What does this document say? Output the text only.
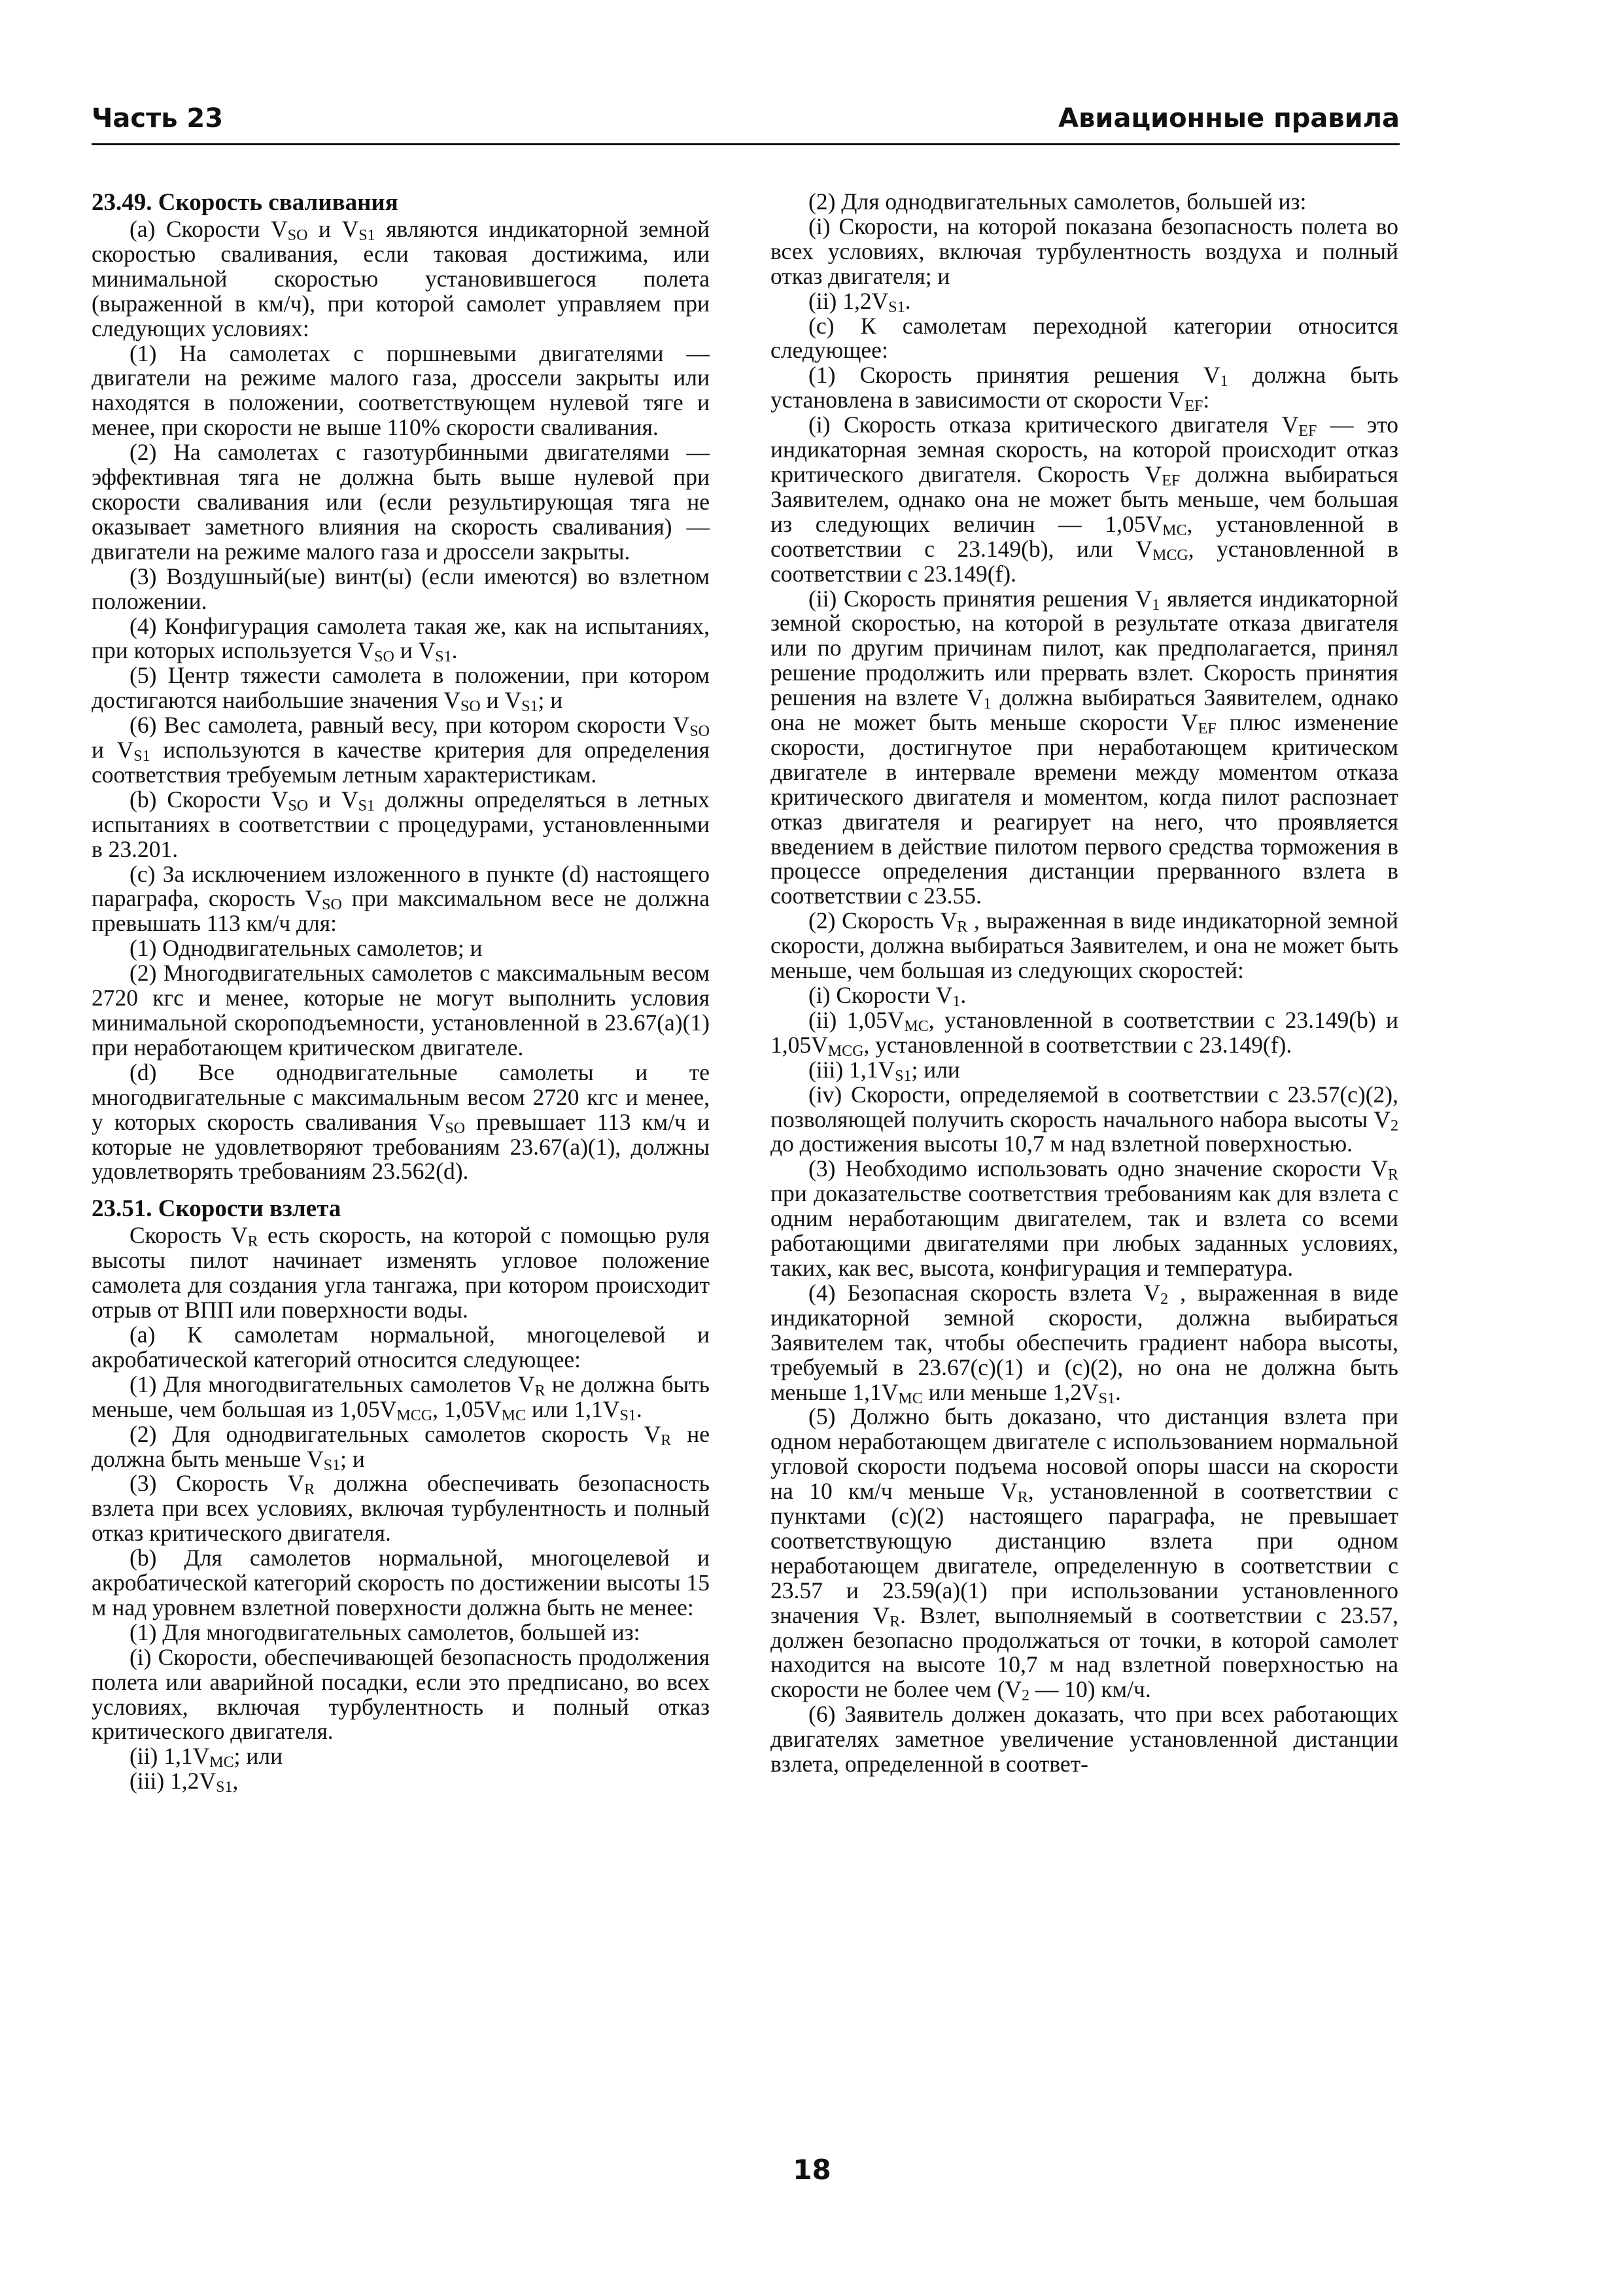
Часть 23	Авиационные правила
23.49. Скорость сваливания

(а) Скорости $V_{SO}$ и $V_{S1}$ являются индикаторной земной скоростью сваливания, если таковая достижима, или минимальной скоростью установившегося полета (выраженной в км/ч), при которой самолет управляем при следующих условиях:

(1) На самолетах с поршневыми двигателями — двигатели на режиме малого газа, дроссели закрыты или находятся в положении, соответствующем нулевой тяге и менее, при скорости не выше 110% скорости сваливания.

(2) На самолетах с газотурбинными двигателями — эффективная тяга не должна быть выше нулевой при скорости сваливания или (если результирующая тяга не оказывает заметного влияния на скорость сваливания) — двигатели на режиме малого газа и дроссели закрыты.

(3) Воздушный(ые) винт(ы) (если имеются) во взлетном положении.

(4) Конфигурация самолета такая же, как на испытаниях, при которых используется $V_{SO}$ и $V_{S1}$.

(5) Центр тяжести самолета в положении, при котором достигаются наибольшие значения $V_{SO}$ и $V_{S1}$; и

(6) Вес самолета, равный весу, при котором скорости $V_{SO}$ и $V_{S1}$ используются в качестве критерия для определения соответствия требуемым летным характеристикам.

(b) Скорости $V_{SO}$ и $V_{S1}$ должны определяться в летных испытаниях в соответствии с процедурами, установленными в 23.201.

(с) За исключением изложенного в пункте (d) настоящего параграфа, скорость $V_{SO}$ при максимальном весе не должна превышать 113 км/ч для:

(1) Однодвигательных самолетов; и

(2) Многодвигательных самолетов с максимальным весом 2720 кгс и менее, которые не могут выполнить условия минимальной скороподъемности, установленной в 23.67(a)(1) при неработающем критическом двигателе.

(d) Все однодвигательные самолеты и те многодвигательные с максимальным весом 2720 кгс и менее, у которых скорость сваливания $V_{SO}$ превышает 113 км/ч и которые не удовлетворяют требованиям 23.67(a)(1), должны удовлетворять требованиям 23.562(d).

23.51. Скорости взлета

Скорость $V_R$ есть скорость, на которой с помощью руля высоты пилот начинает изменять угловое положение самолета для создания угла тангажа, при котором происходит отрыв от ВПП или поверхности воды.

(а) К самолетам нормальной, многоцелевой и акробатической категорий относится следующее:

(1) Для многодвигательных самолетов $V_R$ не должна быть меньше, чем большая из $1,05V_{MCG}$, $1,05V_{MC}$ или $1,1V_{S1}$.

(2) Для однодвигательных самолетов скорость $V_R$ не должна быть меньше $V_{S1}$; и

(3) Скорость $V_R$ должна обеспечивать безопасность взлета при всех условиях, включая турбулентность и полный отказ критического двигателя.

(b) Для самолетов нормальной, многоцелевой и акробатической категорий скорость по достижении высоты 15 м над уровнем взлетной поверхности должна быть не менее:

(1) Для многодвигательных самолетов, большей из:

(i) Скорости, обеспечивающей безопасность продолжения полета или аварийной посадки, если это предписано, во всех условиях, включая турбулентность и полный отказ критического двигателя.

(ii) $1,1V_{MC}$; или

(iii) $1,2V_{S1}$,

(2) Для однодвигательных самолетов, большей из:

(i) Скорости, на которой показана безопасность полета во всех условиях, включая турбулентность воздуха и полный отказ двигателя; и

(ii) $1,2V_{S1}$.

(с) К самолетам переходной категории относится следующее:

(1) Скорость принятия решения $V_1$ должна быть установлена в зависимости от скорости $V_{EF}$:

(i) Скорость отказа критического двигателя $V_{EF}$ — это индикаторная земная скорость, на которой происходит отказ критического двигателя. Скорость $V_{EF}$ должна выбираться Заявителем, однако она не может быть меньше, чем большая из следующих величин — $1,05V_{MC}$, установленной в соответствии с 23.149(b), или $V_{MCG}$, установленной в соответствии с 23.149(f).

(ii) Скорость принятия решения $V_1$ является индикаторной земной скоростью, на которой в результате отказа двигателя или по другим причинам пилот, как предполагается, принял решение продолжить или прервать взлет. Скорость принятия решения на взлете $V_1$ должна выбираться Заявителем, однако она не может быть меньше скорости $V_{EF}$ плюс изменение скорости, достигнутое при неработающем критическом двигателе в интервале времени между моментом отказа критического двигателя и моментом, когда пилот распознает отказ двигателя и реагирует на него, что проявляется введением в действие пилотом первого средства торможения в процессе определения дистанции прерванного взлета в соответствии с 23.55.

(2) Скорость $V_R$ , выраженная в виде индикаторной земной скорости, должна выбираться Заявителем, и она не может быть меньше, чем большая из следующих скоростей:

(i) Скорости $V_1$.

(ii) $1,05V_{MC}$, установленной в соответствии с 23.149(b) и $1,05V_{MCG}$, установленной в соответствии с 23.149(f).

(iii) $1,1V_{S1}$; или

(iv) Скорости, определяемой в соответствии с 23.57(c)(2), позволяющей получить скорость начального набора высоты $V_2$ до достижения высоты 10,7 м над взлетной поверхностью.

(3) Необходимо использовать одно значение скорости $V_R$ при доказательстве соответствия требованиям как для взлета с одним неработающим двигателем, так и взлета со всеми работающими двигателями при любых заданных условиях, таких, как вес, высота, конфигурация и температура.

(4) Безопасная скорость взлета $V_2$ , выраженная в виде индикаторной земной скорости, должна выбираться Заявителем так, чтобы обеспечить градиент набора высоты, требуемый в 23.67(c)(1) и (c)(2), но она не должна быть меньше $1,1V_{MC}$ или меньше $1,2V_{S1}$.

(5) Должно быть доказано, что дистанция взлета при одном неработающем двигателе с использованием нормальной угловой скорости подъема носовой опоры шасси на скорости на 10 км/ч меньше $V_R$, установленной в соответствии с пунктами (c)(2) настоящего параграфа, не превышает соответствующую дистанцию взлета при одном неработающем двигателе, определенную в соответствии с 23.57 и 23.59(a)(1) при использовании установленного значения $V_R$. Взлет, выполняемый в соответствии с 23.57, должен безопасно продолжаться от точки, в которой самолет находится на высоте 10,7 м над взлетной поверхностью на скорости не более чем ($V_2$ — 10) км/ч.

(6) Заявитель должен доказать, что при всех работающих двигателях заметное увеличение установленной дистанции взлета, определенной в соответ-

18
